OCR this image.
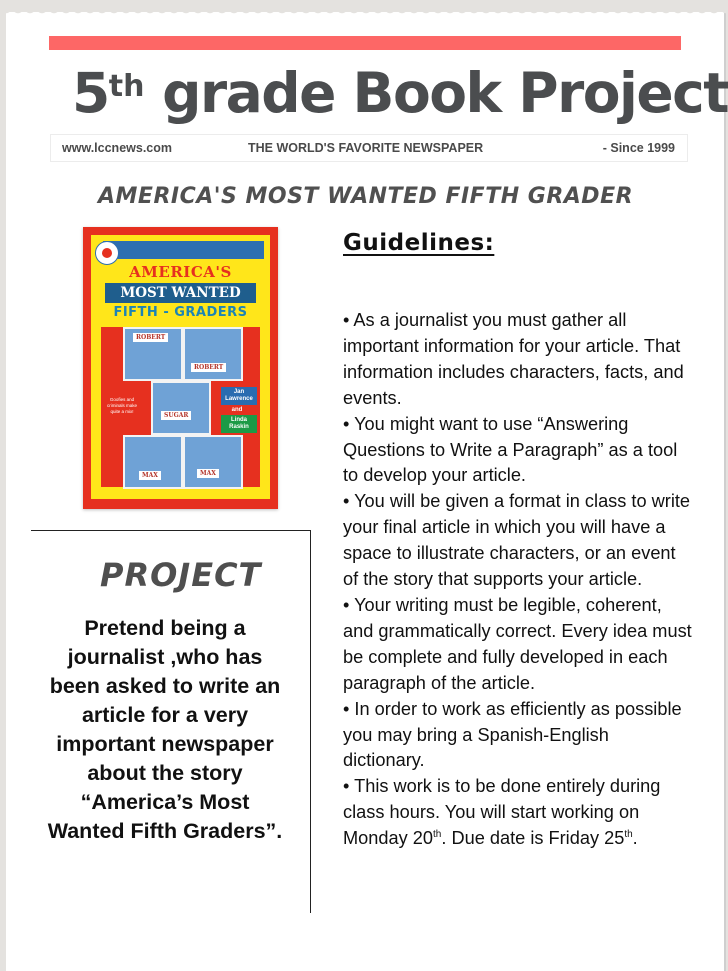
5th grade Book Project
www.lccnews.com	THE WORLD'S FAVORITE NEWSPAPER	- Since 1999
AMERICA'S MOST WANTED FIFTH GRADER
AMERICA'S
MOST WANTED
FIFTH - GRADERS
ROBERT
ROBERT
SUGAR
MAX	MAX
Goofies and criminals make quite a mix!
Jan Lawrence
and
Linda Raskin
PROJECT
Pretend being a journalist ,who has been asked to write an article for a very important newspaper about the story “America’s Most Wanted Fifth Graders”.
Guidelines:

• As a journalist you must gather all important information for your article. That information includes characters, facts, and events.

• You might want to use “Answering Questions to Write a Paragraph” as a tool to develop your article.

• You will be given a format in class to write your final article in which you will have a space to illustrate characters, or an event of the story that supports your article.

• Your writing must be legible, coherent, and grammatically correct. Every idea must be complete and fully developed in each paragraph of the article.

• In order to work as efficiently as possible you may bring a Spanish-English dictionary.

• This work is to be done entirely during class hours. You will start working on Monday 20th. Due date is Friday 25th.
